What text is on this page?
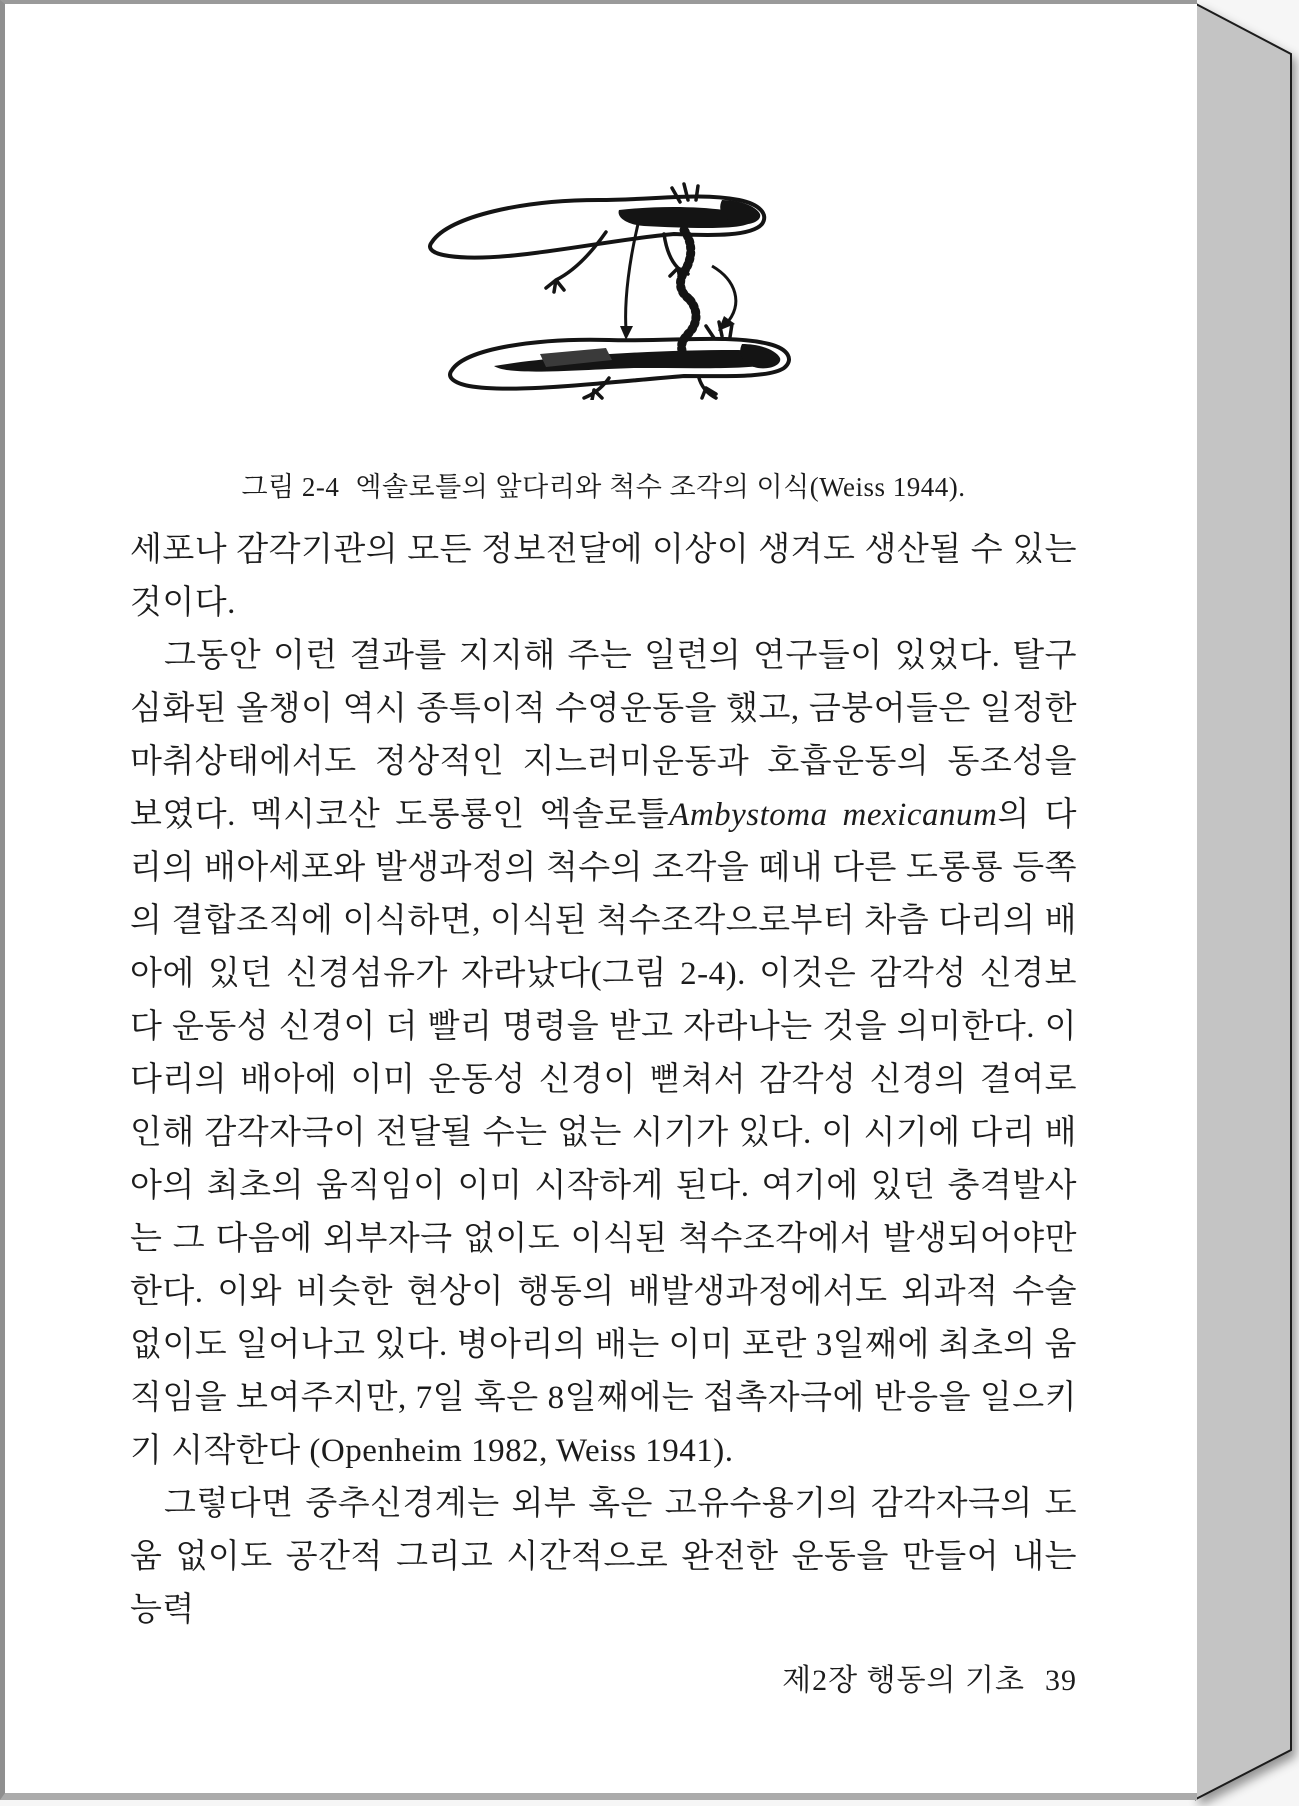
그림 2-4 엑솔로틀의 앞다리와 척수 조각의 이식(Weiss 1944).

세포나 감각기관의 모든 정보전달에 이상이 생겨도 생산될 수 있는 것이다.

그동안 이런 결과를 지지해 주는 일련의 연구들이 있었다. 탈구심화된 올챙이 역시 종특이적 수영운동을 했고, 금붕어들은 일정한 마취상태에서도 정상적인 지느러미운동과 호흡운동의 동조성을 보였다. 멕시코산 도롱룡인 엑솔로틀Ambystoma mexicanum의 다리의 배아세포와 발생과정의 척수의 조각을 떼내 다른 도롱룡 등쪽의 결합조직에 이식하면, 이식된 척수조각으로부터 차츰 다리의 배아에 있던 신경섬유가 자라났다(그림 2-4). 이것은 감각성 신경보다 운동성 신경이 더 빨리 명령을 받고 자라나는 것을 의미한다. 이 다리의 배아에 이미 운동성 신경이 뻗쳐서 감각성 신경의 결여로 인해 감각자극이 전달될 수는 없는 시기가 있다. 이 시기에 다리 배아의 최초의 움직임이 이미 시작하게 된다. 여기에 있던 충격발사는 그 다음에 외부자극 없이도 이식된 척수조각에서 발생되어야만 한다. 이와 비슷한 현상이 행동의 배발생과정에서도 외과적 수술 없이도 일어나고 있다. 병아리의 배는 이미 포란 3일째에 최초의 움직임을 보여주지만, 7일 혹은 8일째에는 접촉자극에 반응을 일으키기 시작한다 (Openheim 1982, Weiss 1941).

그렇다면 중추신경계는 외부 혹은 고유수용기의 감각자극의 도움 없이도 공간적 그리고 시간적으로 완전한 운동을 만들어 내는 능력

제2장 행동의 기초 39
